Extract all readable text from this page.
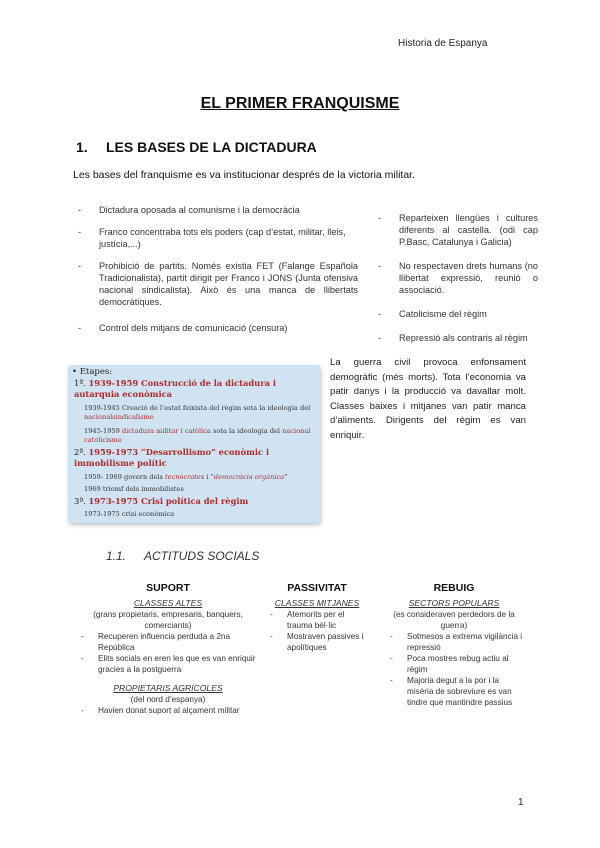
Historia de Espanya
EL PRIMER FRANQUISME
1. LES BASES DE LA DICTADURA
Les bases del franquisme es va institucionar després de la victoria militar.
- Dictadura oposada al comunisme i la democràcia
- Franco concentraba tots els poders (cap d’estat, militar, lleis, justícia,...)
- Prohibició de partits. Només existia FET (Falange Española Tradicionalista), partit dirigit per Franco i JONS (Junta ofensiva nacional sindicalista). Això és una manca de llibertats democràtiques.
- Control dels mitjans de comunicació (censura)
- Reparteixen llengües i cultures diferents al castella. (odi cap P.Basc, Catalunya i Galicia)
- No respectaven drets humans (no llibertat expressió, reunió o associació.
- Catolicisme del règim
- Repressió als contraris al règim
• Etapes:
1ª. 1939-1959 Construcció de la dictadura i autarquia econòmica
1939-1945 Creació de l’estat feixista del règim sota la ideologia del nacionalsindicalisme
1945-1959 dictadura militar i catòlica sota la ideologia del nacional catolicisme
2ª. 1959-1973 “Desarrollismo” econòmic i immobilisme polític
1959- 1969 govern dels tecnòcrates i “democràcia orgànica”
1969 triomf dels immobilistes
3ª. 1973-1975 Crisi política del règim
1973-1975 crisi econòmica
La guerra civil provoca enfonsament demogràfic (més morts). Tota l’economia va patir danys i la producció va davallar molt. Classes baixes i mitjanes van patir manca d’aliments. Dirigents del règim es van enriquir.
1.1. ACTITUDS SOCIALS
SUPORT
CLASSES ALTES
(grans propietaris, empresaris, banquers, comerciants)
- Recuperen influencia perduda a 2na República
- Elits socials en eren les que es van enriquir gracies a la postguerra
PROPIETARIS AGRÍCOLES
(del nord d’espanya)
- Havien donat suport al alçament militar
PASSIVITAT
CLASSES MITJANES
- Atemorits per el trauma bèl·lic
- Mostraven passives i apolítiques
REBUIG
SECTORS POPULARS
(es consideraven perdedors de la guerra)
- Sotmesos a extrema vigilància i repressió
- Poca mostres rebug actiu al règim
- Majoria degut a la por i la misèria de sobreviure es van tindre que mantindre passius
1
